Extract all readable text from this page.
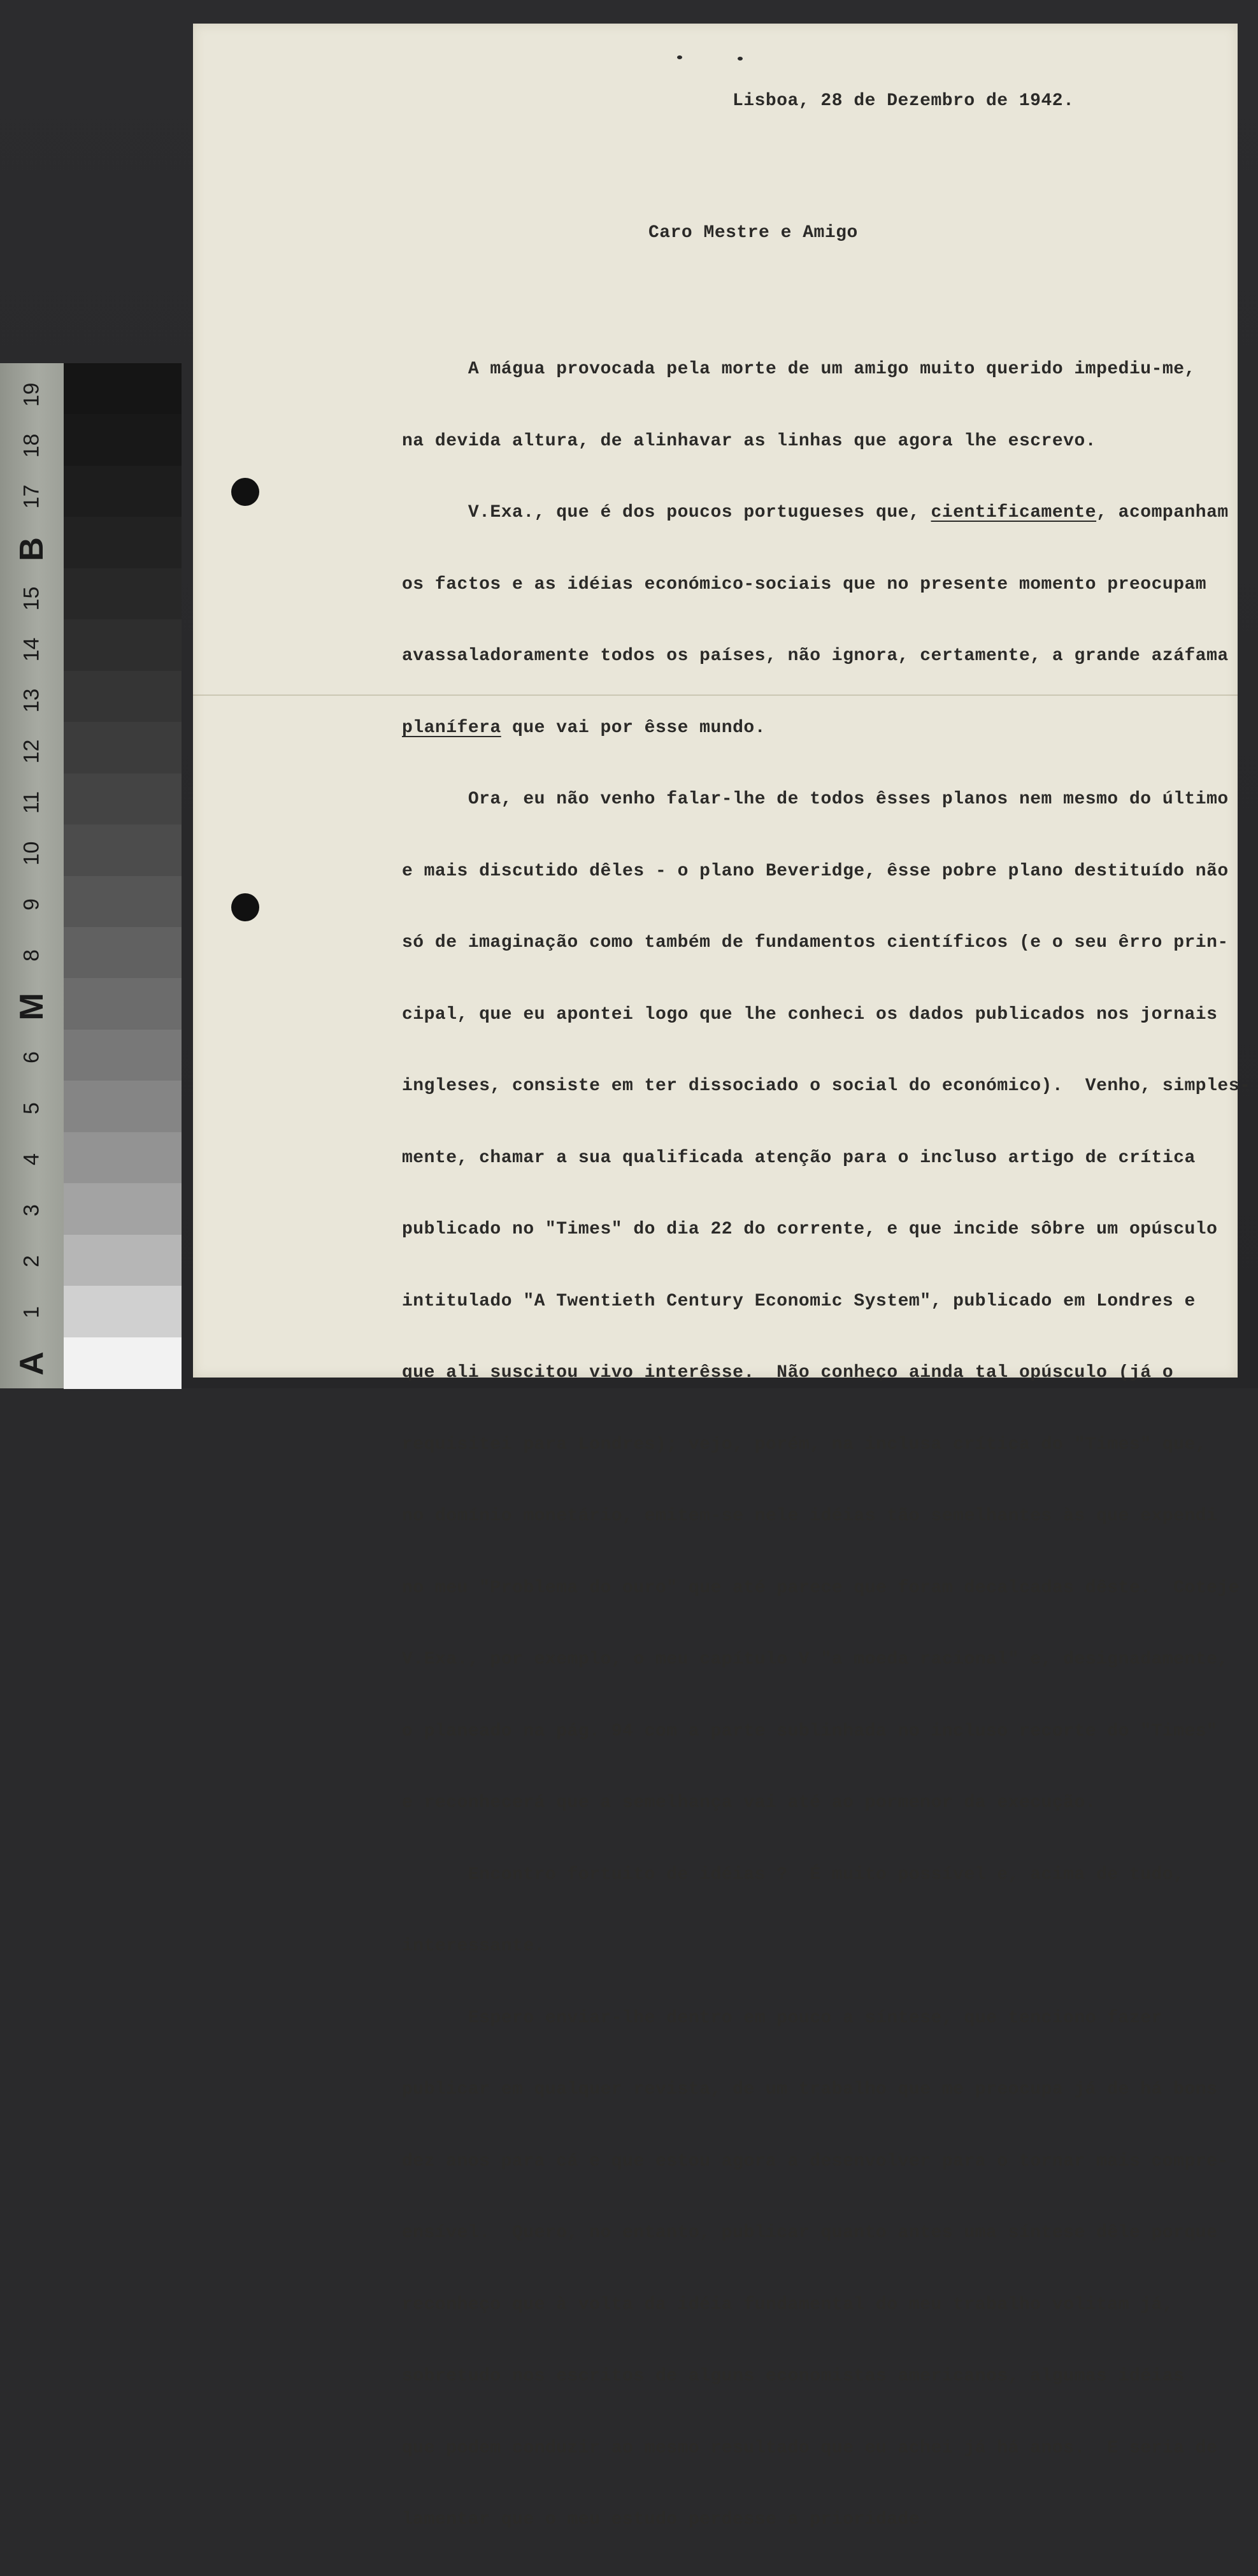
19
18
17
B
15
14
13
12
11
10
9
8
M
6
5
4
3
2
1
A
Lisboa, 28 de Dezembro de 1942.
Caro Mestre e Amigo

A mágua provocada pela morte de um amigo muito querido impediu-me,

na devida altura, de alinhavar as linhas que agora lhe escrevo.

V.Exa., que é dos poucos portugueses que, cientificamente, acompanham

os factos e as idéias económico-sociais que no presente momento preocupam

avassaladoramente todos os países, não ignora, certamente, a grande azáfama

planífera que vai por êsse mundo.

Ora, eu não venho falar-lhe de todos êsses planos nem mesmo do último

e mais discutido dêles - o plano Beveridge, êsse pobre plano destituído não

só de imaginação como também de fundamentos científicos (e o seu êrro prin-

cipal, que eu apontei logo que lhe conheci os dados publicados nos jornais

ingleses, consiste em ter dissociado o social do económico).  Venho, simples-

mente, chamar a sua qualificada atenção para o incluso artigo de crítica

publicado no "Times" do dia 22 do corrente, e que incide sôbre um opúsculo

intitulado "A Twentieth Century Economic System", publicado em Londres e

que ali suscitou vivo interêsse.  Não conheço ainda tal opúsculo (já o

requisitei para Londres); vejo, porém, na inclusa crítica do "Times" que,

no domínio monetário, emitem-se nele idéias tão semelhantes às que expendi

no meu "Problema do ouro" que até parece que foram decalcadas dêste.  Coteje

V.Exa., por exemplo, o meu capítulo V "a moeda racional" e, designadamente,

o planeado na pág. 94 com a parte sublinhada no incluso recorte do "Times"

e reconhecerá que a semelhança vai até ao pormenor da execução.

Encontro fortuito de idéias ?  É muito possível e, acima de tudo,

interessante.

Espero enviar-lhe dentro em pouco a síntese, que tenciono fazer

publicar em qualquer revista, de um trabalho que me preocupa já de há bons

dez anos para cá e que estou agora a desenvolver para o tornar mais compre-

ensível.  Quero, no entanto, publicar quanto antes uma síntese dêle porque

reconheço que à volta da idéia fundamental do meu trabalho volitam já,

sobretudo nos escritos de alguns economistas americanos, algumas idéias

que podem conduzir ao mesmo resultado que eu achei já há anos.  E seria de

lamentar que o meu estudo perdesse a prioridade.
